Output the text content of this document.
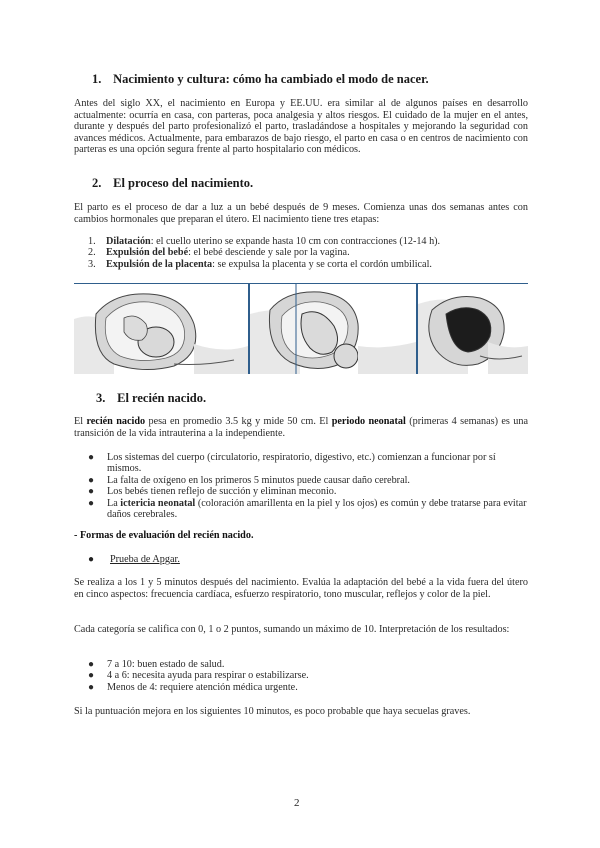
1. Nacimiento y cultura: cómo ha cambiado el modo de nacer.
Antes del siglo XX, el nacimiento en Europa y EE.UU. era similar al de algunos países en desarrollo actualmente: ocurría en casa, con parteras, poca analgesia y altos riesgos. El cuidado de la mujer en el antes, durante y después del parto profesionalizó el parto, trasladándose a hospitales y mejorando la seguridad con avances médicos. Actualmente, para embarazos de bajo riesgo, el parto en casa o en centros de nacimiento con parteras es una opción segura frente al parto hospitalario con médicos.
2. El proceso del nacimiento.
El parto es el proceso de dar a luz a un bebé después de 9 meses. Comienza unas dos semanas antes con cambios hormonales que preparan el útero. El nacimiento tiene tres etapas:
1. Dilatación: el cuello uterino se expande hasta 10 cm con contracciones (12-14 h).
2. Expulsión del bebé: el bebé desciende y sale por la vagina.
3. Expulsión de la placenta: se expulsa la placenta y se corta el cordón umbilical.
3. El recién nacido.
El recién nacido pesa en promedio 3.5 kg y mide 50 cm. El periodo neonatal (primeras 4 semanas) es una transición de la vida intrauterina a la independiente.
● Los sistemas del cuerpo (circulatorio, respiratorio, digestivo, etc.) comienzan a funcionar por sí mismos.
● La falta de oxígeno en los primeros 5 minutos puede causar daño cerebral.
● Los bebés tienen reflejo de succión y eliminan meconio.
● La ictericia neonatal (coloración amarillenta en la piel y los ojos) es común y debe tratarse para evitar daños cerebrales.
- Formas de evaluación del recién nacido.
● Prueba de Apgar.
Se realiza a los 1 y 5 minutos después del nacimiento. Evalúa la adaptación del bebé a la vida fuera del útero en cinco aspectos: frecuencia cardíaca, esfuerzo respiratorio, tono muscular, reflejos y color de la piel.
Cada categoría se califica con 0, 1 o 2 puntos, sumando un máximo de 10. Interpretación de los resultados:
● 7 a 10: buen estado de salud.
● 4 a 6: necesita ayuda para respirar o estabilizarse.
● Menos de 4: requiere atención médica urgente.
Si la puntuación mejora en los siguientes 10 minutos, es poco probable que haya secuelas graves.
2
